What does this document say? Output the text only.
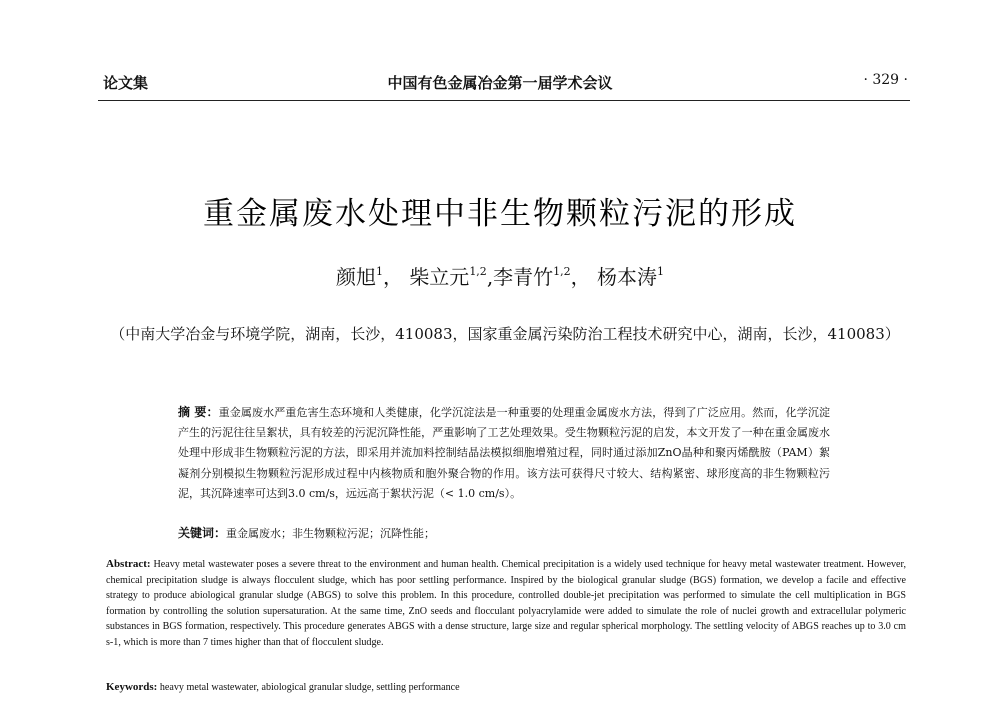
论文集	中国有色金属冶金第一届学术会议	· 329 ·
重金属废水处理中非生物颗粒污泥的形成
颜旭$^1$， 柴立元$^{1,2}$,李青竹$^{1,2}$， 杨本涛$^1$
（中南大学冶金与环境学院，湖南，长沙，410083，国家重金属污染防治工程技术研究中心，湖南，长沙，410083）
摘 要：重金属废水严重危害生态环境和人类健康，化学沉淀法是一种重要的处理重金属废水方法，得到了广泛应用。然而，化学沉淀产生的污泥往往呈絮状，具有较差的污泥沉降性能，严重影响了工艺处理效果。受生物颗粒污泥的启发，本文开发了一种在重金属废水处理中形成非生物颗粒污泥的方法，即采用并流加料控制结晶法模拟细胞增殖过程，同时通过添加ZnO晶种和聚丙烯酰胺（PAM）絮凝剂分别模拟生物颗粒污泥形成过程中内核物质和胞外聚合物的作用。该方法可获得尺寸较大、结构紧密、球形度高的非生物颗粒污泥，其沉降速率可达到3.0 cm/s，远远高于絮状污泥（< 1.0 cm/s）。
关键词：重金属废水；非生物颗粒污泥；沉降性能；
Abstract: Heavy metal wastewater poses a severe threat to the environment and human health. Chemical precipitation is a widely used technique for heavy metal wastewater treatment. However, chemical precipitation sludge is always flocculent sludge, which has poor settling performance. Inspired by the biological granular sludge (BGS) formation, we develop a facile and effective strategy to produce abiological granular sludge (ABGS) to solve this problem. In this procedure, controlled double-jet precipitation was performed to simulate the cell multiplication in BGS formation by controlling the solution supersaturation. At the same time, ZnO seeds and flocculant polyacrylamide were added to simulate the role of nuclei growth and extracellular polymeric substances in BGS formation, respectively. This procedure generates ABGS with a dense structure, large size and regular spherical morphology. The settling velocity of ABGS reaches up to 3.0 cm s-1, which is more than 7 times higher than that of flocculent sludge.
Keywords: heavy metal wastewater, abiological granular sludge, settling performance
